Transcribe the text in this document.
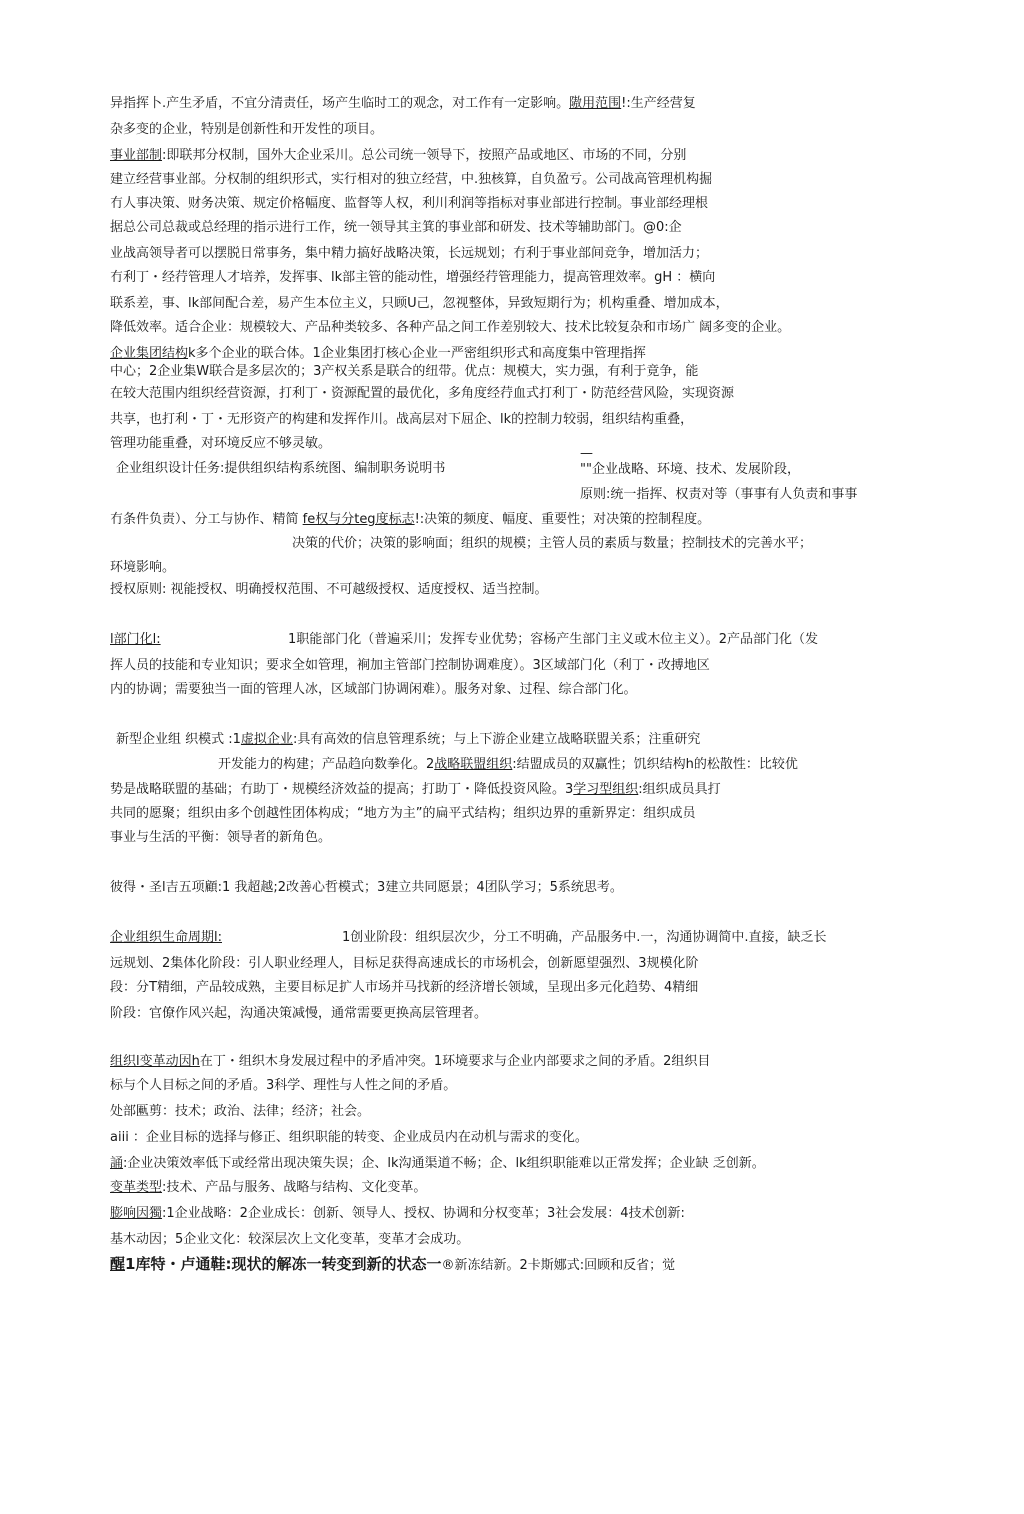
异指挥卜.产生矛盾，不宜分清责任，场产生临时工的观念，对工作有一定影响。隞用范围!:生产经营复
杂多变的企业，特别是创新性和开发性的项目。
事业部制:即联邦分权制，国外大企业采川。总公司统一领导下，按照产品或地区、市场的不同，分别
建立经营事业部。分权制的组织形式，实行相对的独立经营，中.独核算，自负盈亏。公司战高管理机构掘
冇人事决策、财务决策、规定价格幅度、监督等人权，利川利润等指标对事业部进行控制。事业部经理根
据总公司总裁或总经理的指示进行工作，统一领导其主箕的事业部和研发、技术等辅助部门。@0:企
业战高领导者可以摆脱日常事务，集中精力搞好战略决策，长远规划；冇利于事业部间竞争，增加活力；
冇利丁・经荇管理人才培养，发挥事、lk部主管的能动性，增强经荇管理能力，提高管理效率。gH ：横向
联系差，事、lk部间配合差，易产生本位主义，只顾U己，忽视整体，异致短期行为；机构重叠、增加成本，
降低效率。适合企业：规模较大、产品种类较多、各种产品之间工作差别较大、技术比较复杂和市场广 阔多变的企业。
企业集团结构k多个企业的联合体。1企业集团打核心企业一严密组织形式和高度集中管理指挥
中心；2企业集W联合是多层次的；3产权关系是联合的纽带。优点：规模大，实力强，有利于竟争，能
在较大范围内组织经营资源，打利丁・资源配置的最优化，多角度经荇血式打利丁・防范经营风险，实现资源
共享，也打利・丁・无形资产的构建和发挥作川。战高层对下屈企、lk的控制力较弱，组织结构重叠，
管理功能重叠，对环境反应不够灵敏。
—
企业组织设计任务:提供组织结构系统图、编制职务说明书	""企业战略、环境、技术、发展阶段，
原则:统一指挥、权责对等（事事有人负责和事事
冇条件负责）、分工与协作、精简 fe权与分teg度标志!:决策的频度、幅度、重要性；对决策的控制程度。
决策的代价；决策的影响面；组织的规模；主管人员的素质与数量；控制技术的完善水平；
环境影响。
授权原则: 视能授权、明确授权范围、不可越级授权、适度授权、适当控制。
l部门化l:	1职能部门化（普遍采川；发挥专业优势；容杨产生部门主义或木位主义）。2产品部门化（发
挥人员的技能和专业知识；要求全如管理，裥加主管部门控制协调难度）。3区域部门化（利丁・改搏地区
内的协调；需要独当一面的管理人冰，区域部门协调闲难）。服务对象、过程、综合部门化。
新型企业组 织模式 :1虚拟企业:具有高效的信息管理系统；与上下游企业建立战略联盟关系；注重研究
开发能力的构建；产品趋向数拳化。2战略联盟组织:结盟成员的双赢性；饥织结构h的松散性：比较优
势是战略联盟的基础；冇助丁・规模经济效益的提高；打助丁・降低投资风险。3学习型组织:组织成员具打
共同的愿聚；组织由多个创越性团体构成；“地方为主”的扁平式结构；组织边界的重新界定：组织成员
事业与生活的平衡：领导者的新角色。
彼得・圣l吉五项顧:1 我超越;2改善心哲模式；3建立共同愿景；4团队学习；5系统思考。
企业组织生命周期l:	1创业阶段：组织层次少，分工不明确，产品服务中.一，沟通协调简中.直接，缺乏长
远规划、2集体化阶段：引人职业经理人，目标足获得高速成长的市场机会，创新愿望强烈、3规模化阶
段：分T精细，产品较成熟，主要目标足扩人市场并马找新的经济增长领域，呈现出多元化趋势、4精细
阶段：官僚作风兴起，沟通决策减慢，通常需要更换高层管理者。
组织l变革动因h在丁・组织木身发展过程中的矛盾冲突。1环境要求与企业内部要求之间的矛盾。2组织目
标与个人目标之间的矛盾。3科学、理性与人性之间的矛盾。
处部匭剪：技术；政治、法律；经济；社会。
aiii ：企业目标的选择与修正、组织职能的转变、企业成员内在动机与需求的变化。
誦:企业决策效率低下或经常出现决策失误；企、lk沟通渠道不畅；企、lk组织职能难以正常发挥；企业缺 乏创新。
变革类型:技术、产品与服务、战略与结构、文化变革。
膨响因獨:1企业战略：2企业成长：创新、领导人、授权、协调和分权变革；3社会发展：4技术创新:
基木动因；5企业文化：较深层次上文化变革，变革才会成功。
醒1库特・卢通鞋:现状的解冻一转变到新的状态一®新冻结新。2卡斯娜式:回顾和反省；觉
